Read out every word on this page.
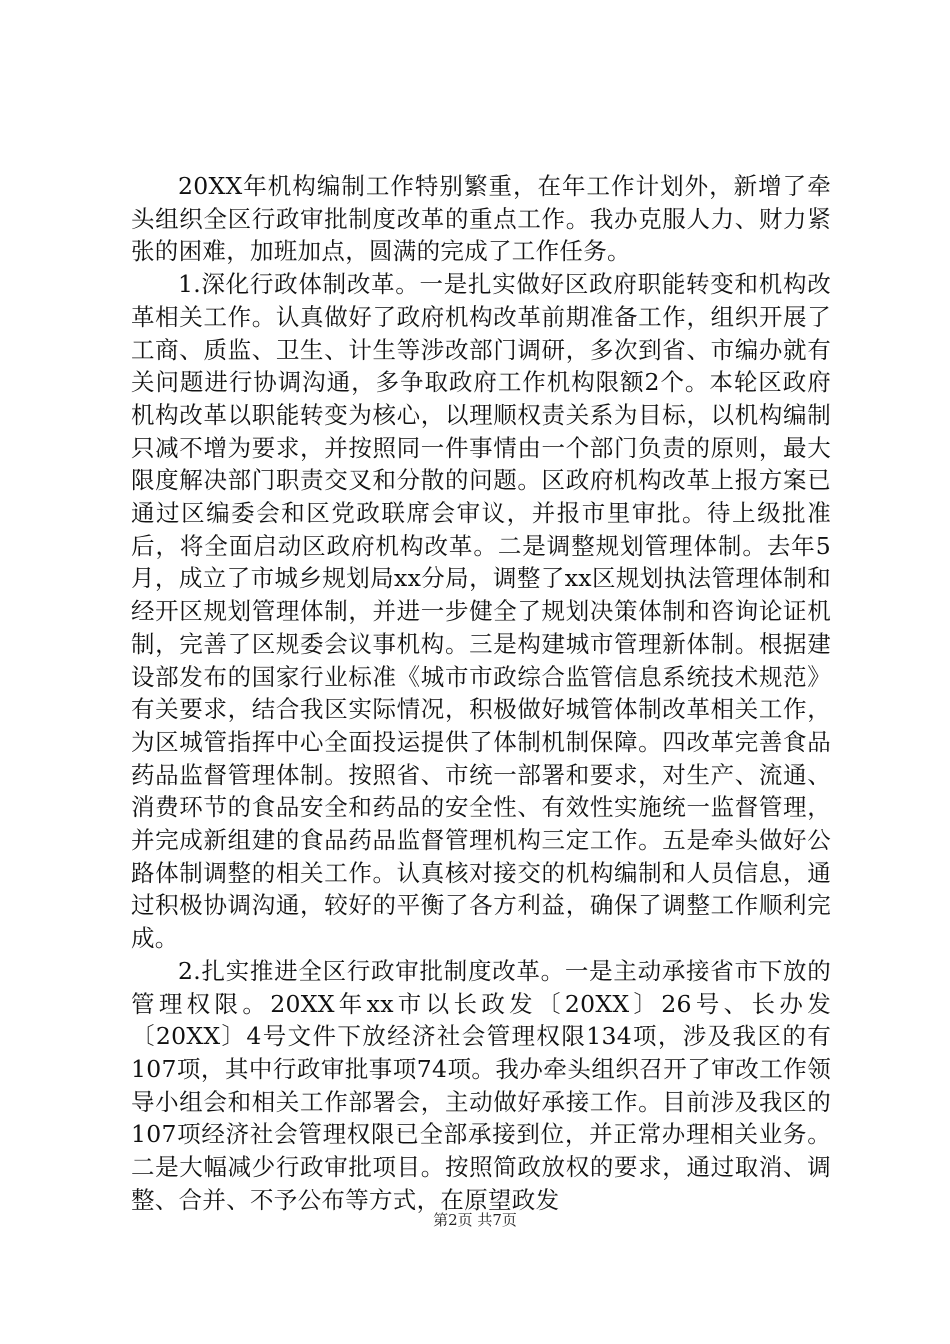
20XX年机构编制工作特别繁重，在年工作计划外，新增了牵头组织全区行政审批制度改革的重点工作。我办克服人力、财力紧张的困难，加班加点，圆满的完成了工作任务。

1.深化行政体制改革。一是扎实做好区政府职能转变和机构改革相关工作。认真做好了政府机构改革前期准备工作，组织开展了工商、质监、卫生、计生等涉改部门调研，多次到省、市编办就有关问题进行协调沟通，多争取政府工作机构限额2个。本轮区政府机构改革以职能转变为核心，以理顺权责关系为目标，以机构编制只减不增为要求，并按照同一件事情由一个部门负责的原则，最大限度解决部门职责交叉和分散的问题。区政府机构改革上报方案已通过区编委会和区党政联席会审议，并报市里审批。待上级批准后，将全面启动区政府机构改革。二是调整规划管理体制。去年5月，成立了市城乡规划局xx分局，调整了xx区规划执法管理体制和经开区规划管理体制，并进一步健全了规划决策体制和咨询论证机制，完善了区规委会议事机构。三是构建城市管理新体制。根据建设部发布的国家行业标准《城市市政综合监管信息系统技术规范》有关要求，结合我区实际情况，积极做好城管体制改革相关工作，为区城管指挥中心全面投运提供了体制机制保障。四改革完善食品药品监督管理体制。按照省、市统一部署和要求，对生产、流通、消费环节的食品安全和药品的安全性、有效性实施统一监督管理，并完成新组建的食品药品监督管理机构三定工作。五是牵头做好公路体制调整的相关工作。认真核对接交的机构编制和人员信息，通过积极协调沟通，较好的平衡了各方利益，确保了调整工作顺利完成。

2.扎实推进全区行政审批制度改革。一是主动承接省市下放的管理权限。20XX年xx市以长政发〔20XX〕26号、长办发〔20XX〕4号文件下放经济社会管理权限134项，涉及我区的有107项，其中行政审批事项74项。我办牵头组织召开了审改工作领导小组会和相关工作部署会，主动做好承接工作。目前涉及我区的107项经济社会管理权限已全部承接到位，并正常办理相关业务。二是大幅减少行政审批项目。按照简政放权的要求，通过取消、调整、合并、不予公布等方式，在原望政发

第2页 共7页
